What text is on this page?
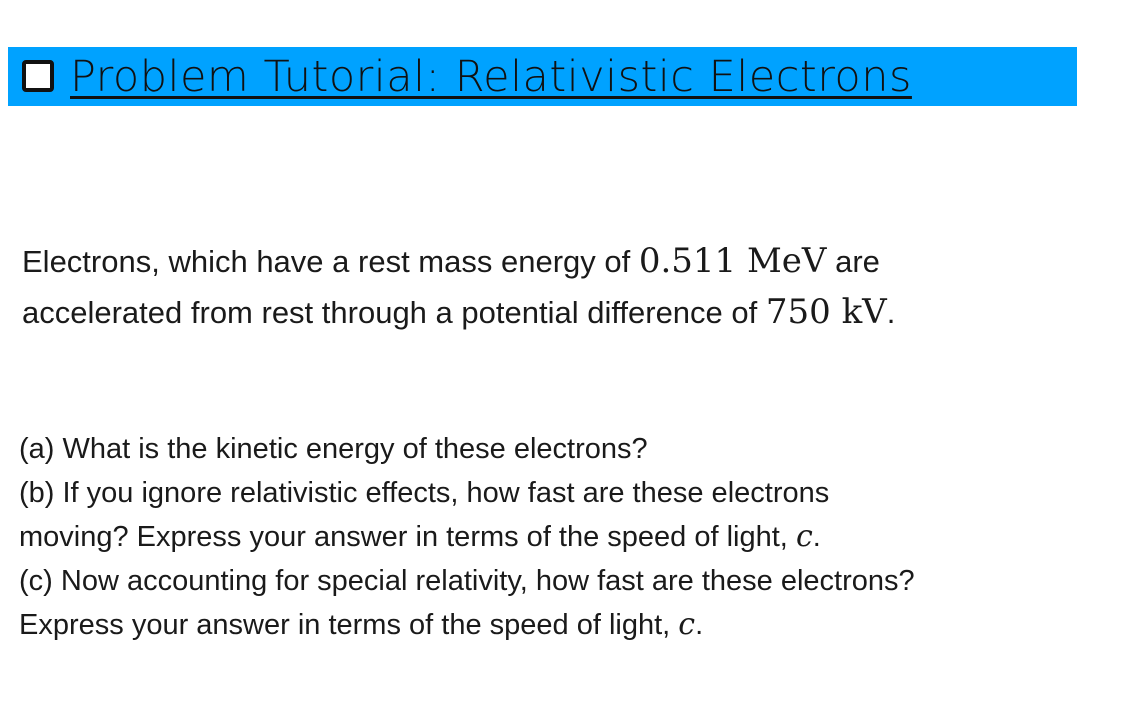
Problem Tutorial: Relativistic Electrons
Electrons, which have a rest mass energy of 0.511 MeV are
accelerated from rest through a potential difference of 750 kV.
(a) What is the kinetic energy of these electrons?
(b) If you ignore relativistic effects, how fast are these electrons
moving? Express your answer in terms of the speed of light, c.
(c) Now accounting for special relativity, how fast are these electrons?
Express your answer in terms of the speed of light, c.
